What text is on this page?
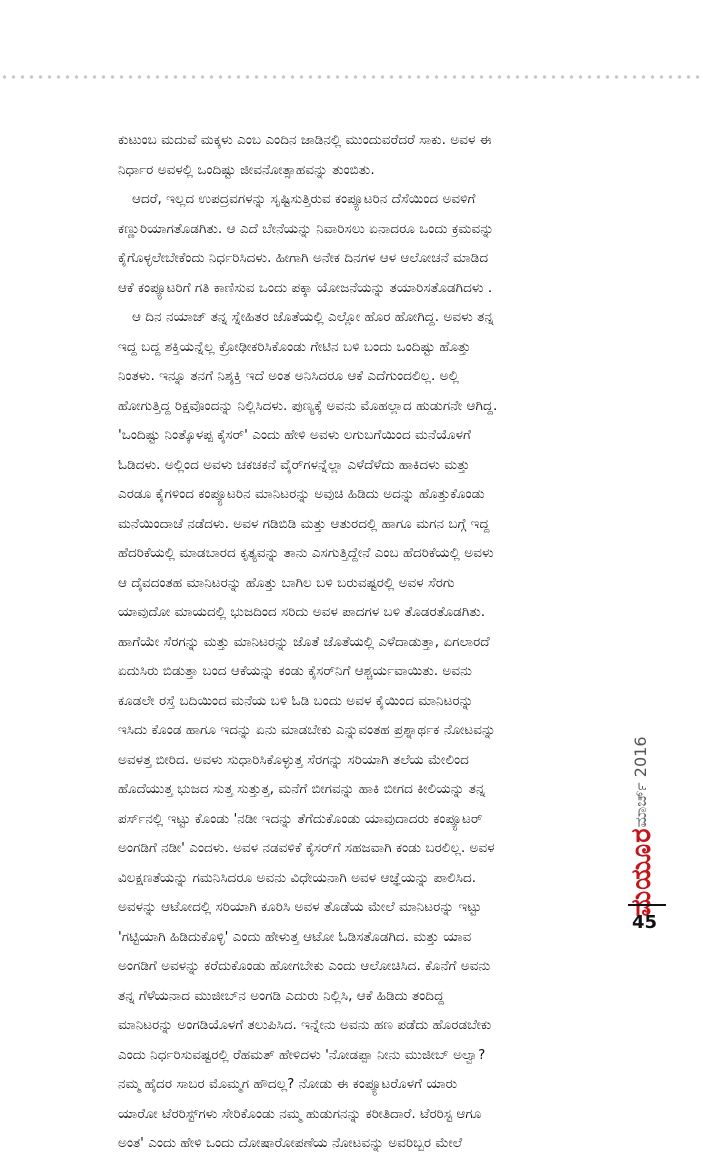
ಕುಟುಂಬ ಮದುವೆ ಮಕ್ಕಳು ಎಂಬ ಎಂದಿನ ಜಾಡಿನಲ್ಲಿ ಮುಂದುವರೆದರೆ ಸಾಕು. ಅವಳ ಈ
ನಿರ್ಧಾರ ಅವಳಲ್ಲಿ ಒಂದಿಷ್ಟು ಜೀವನೋತ್ಸಾಹವನ್ನು ತುಂಬಿತು.
ಆದರೆ, ಇಲ್ಲದ ಉಪದ್ರವಗಳನ್ನು ಸೃಷ್ಟಿಸುತ್ತಿರುವ ಕಂಪ್ಯೂಟರಿನ ದೆಸೆಯಿಂದ ಅವಳಿಗೆ
ಕಣ್ಣುರಿಯಾಗತೊಡಗಿತು. ಆ ಎದೆ ಬೇನೆಯನ್ನು ನಿವಾರಿಸಲು ಏನಾದರೂ ಒಂದು ಕ್ರಮವನ್ನು
ಕೈಗೊಳ್ಳಲೇಬೇಕೆಂದು ನಿರ್ಧರಿಸಿದಳು. ಹೀಗಾಗಿ ಅನೇಕ ದಿನಗಳ ಆಳ ಆಲೋಚನೆ ಮಾಡಿದ
ಆಕೆ ಕಂಪ್ಯೂಟರಿಗೆ ಗತಿ ಕಾಣಿಸುವ ಒಂದು ಪಕ್ಕಾ ಯೋಜನೆಯನ್ನು ತಯಾರಿಸತೊಡಗಿದಳು .
ಆ ದಿನ ನಯಾಜ್ ತನ್ನ ಸ್ನೇಹಿತರ ಜೊತೆಯಲ್ಲಿ ಎಲ್ಲೋ ಹೊರ ಹೋಗಿದ್ದ. ಅವಳು ತನ್ನ
ಇದ್ದ ಬದ್ದ ಶಕ್ತಿಯನ್ನೆಲ್ಲ ಕ್ರೋಢೀಕರಿಸಿಕೊಂಡು ಗೇಟಿನ ಬಳಿ ಬಂದು ಒಂದಿಷ್ಟು ಹೊತ್ತು
ನಿಂತಳು. ಇನ್ನೂ ತನಗೆ ನಿಶ್ಶಕ್ತಿ ಇದೆ ಅಂತ ಅನಿಸಿದರೂ ಆಕೆ ಎದೆಗುಂದಲಿಲ್ಲ. ಅಲ್ಲಿ
ಹೋಗುತ್ತಿದ್ದ ರಿಕ್ಷವೊಂದನ್ನು ನಿಲ್ಲಿಸಿದಳು. ಪುಣ್ಯಕ್ಕೆ ಅವನು ಮೊಹಲ್ಲಾದ ಹುಡುಗನೇ ಆಗಿದ್ದ.
'ಒಂದಿಷ್ಟು ನಿಂತ್ಕೊಳಪ್ಪ ಕೈಸರ್' ಎಂದು ಹೇಳಿ ಅವಳು ಲಗುಬಗೆಯಿಂದ ಮನೆಯೊಳಗೆ
ಓಡಿದಳು. ಅಲ್ಲಿಂದ ಅವಳು ಚಕಚಕನೆ ವೈರ್‌ಗಳನ್ನೆಲ್ಲಾ ಎಳೆದೆಳೆದು ಹಾಕಿದಳು ಮತ್ತು
ಎರಡೂ ಕೈಗಳಿಂದ ಕಂಪ್ಯೂಟರಿನ ಮಾನಿಟರನ್ನು ಅವುಚಿ ಹಿಡಿದು ಅದನ್ನು ಹೊತ್ತುಕೊಂಡು
ಮನೆಯಿಂದಾಚೆ ನಡೆದಳು. ಅವಳ ಗಡಿಬಿಡಿ ಮತ್ತು ಆತುರದಲ್ಲಿ ಹಾಗೂ ಮಗನ ಬಗ್ಗೆ ಇದ್ದ
ಹೆದರಿಕೆಯಲ್ಲಿ ಮಾಡಬಾರದ ಕೃತ್ಯವನ್ನು ತಾನು ಎಸಗುತ್ತಿದ್ದೇನೆ ಎಂಬ ಹೆದರಿಕೆಯಲ್ಲಿ ಅವಳು
ಆ ದೈವದಂತಹ ಮಾನಿಟರನ್ನು ಹೊತ್ತು ಬಾಗಿಲ ಬಳಿ ಬರುವಷ್ಟರಲ್ಲಿ ಅವಳ ಸೆರಗು
ಯಾವುದೋ ಮಾಯದಲ್ಲಿ ಭುಜದಿಂದ ಸರಿದು ಅವಳ ಪಾದಗಳ ಬಳಿ ತೊಡರತೊಡಗಿತು.
ಹಾಗೆಯೇ ಸೆರಗನ್ನು ಮತ್ತು ಮಾನಿಟರನ್ನು ಜೊತೆ ಜೊತೆಯಲ್ಲಿ ಎಳೆದಾಡುತ್ತಾ, ಏಗಲಾರದೆ
ಏದುಸಿರು ಬಿಡುತ್ತಾ ಬಂದ ಆಕೆಯನ್ನು ಕಂಡು ಕೈಸರ್‌ನಿಗೆ ಆಶ್ಚರ್ಯವಾಯಿತು. ಅವನು
ಕೂಡಲೇ ರಸ್ತೆ ಬದಿಯಿಂದ ಮನೆಯ ಬಳಿ ಓಡಿ ಬಂದು ಅವಳ ಕೈಯಿಂದ ಮಾನಿಟರನ್ನು
ಇಸಿದು ಕೊಂಡ ಹಾಗೂ ಇದನ್ನು ಏನು ಮಾಡಬೇಕು ಎನ್ನುವಂತಹ ಪ್ರಶ್ನಾರ್ಥಕ ನೋಟವನ್ನು
ಅವಳತ್ತ ಬೀರಿದ. ಅವಳು ಸುಧಾರಿಸಿಕೊಳ್ಳುತ್ತ ಸೆರಗನ್ನು ಸರಿಯಾಗಿ ತಲೆಯ ಮೇಲಿಂದ
ಹೊದೆಯುತ್ತ ಭುಜದ ಸುತ್ತ ಸುತ್ತುತ್ತ, ಮನೆಗೆ ಬೀಗವನ್ನು ಹಾಕಿ ಬೀಗದ ಕೀಲಿಯನ್ನು ತನ್ನ
ಪರ್ಸ್‌ನಲ್ಲಿ ಇಟ್ಟು ಕೊಂಡು 'ನಡೀ ಇದನ್ನು ತೆಗೆದುಕೊಂಡು ಯಾವುದಾದರು ಕಂಪ್ಯೂಟರ್
ಅಂಗಡಿಗೆ ನಡೀ' ಎಂದಳು. ಅವಳ ನಡವಳಿಕೆ ಕೈಸರ್‌ಗೆ ಸಹಜವಾಗಿ ಕಂಡು ಬರಲಿಲ್ಲ. ಅವಳ
ವಿಲಕ್ಷಣತೆಯನ್ನು ಗಮನಿಸಿದರೂ ಅವನು ವಿಧೇಯನಾಗಿ ಅವಳ ಆಜ್ಞೆಯನ್ನು ಪಾಲಿಸಿದ.
ಅವಳನ್ನು ಆಟೋದಲ್ಲಿ ಸರಿಯಾಗಿ ಕೂರಿಸಿ ಅವಳ ತೊಡೆಯ ಮೇಲೆ ಮಾನಿಟರನ್ನು ಇಟ್ಟು
'ಗಟ್ಟಿಯಾಗಿ ಹಿಡಿದುಕೊಳ್ಳಿ' ಎಂದು ಹೇಳುತ್ತ ಆಟೋ ಓಡಿಸತೊಡಗಿದ. ಮತ್ತು ಯಾವ
ಅಂಗಡಿಗೆ ಅವಳನ್ನು ಕರೆದುಕೊಂಡು ಹೋಗಬೇಕು ಎಂದು ಆಲೋಚಿಸಿದ. ಕೊನೆಗೆ ಅವನು
ತನ್ನ ಗೆಳೆಯನಾದ ಮುಜೀಬ್‌ನ ಅಂಗಡಿ ಎದುರು ನಿಲ್ಲಿಸಿ, ಆಕೆ ಹಿಡಿದು ತಂದಿದ್ದ
ಮಾನಿಟರನ್ನು ಅಂಗಡಿಯೊಳಗೆ ತಲುಪಿಸಿದ. ಇನ್ನೇನು ಅವನು ಹಣ ಪಡೆದು ಹೊರಡಬೇಕು
ಎಂದು ನಿರ್ಧರಿಸುವಷ್ಟರಲ್ಲಿ ರೆಹಮತ್ ಹೇಳಿದಳು 'ನೋಡಪ್ಪಾ ನೀನು ಮುಜೀಬ್ ಅಲ್ವಾ?
ನಮ್ಮ ಹೈದರ ಸಾಬರ ಮೊಮ್ಮಗ ಹೌದಲ್ಲ? ನೋಡು ಈ ಕಂಪ್ಯೂಟರೊಳಗೆ ಯಾರು
ಯಾರೋ ಟೆರರಿಸ್ಟ್‌ಗಳು ಸೇರಿಕೊಂಡು ನಮ್ಮ ಹುಡುಗನನ್ನು ಕರೀತಿದಾರೆ. ಟೆರರಿಸ್ಟ ಆಗೂ
ಅಂತ' ಎಂದು ಹೇಳಿ ಒಂದು ದೋಷಾರೋಪಣೆಯ ನೋಟವನ್ನು ಅವರಿಬ್ಬರ ಮೇಲೆ
ಮಾರ್ಚ್ 2016
ಮಯೂರ
45
